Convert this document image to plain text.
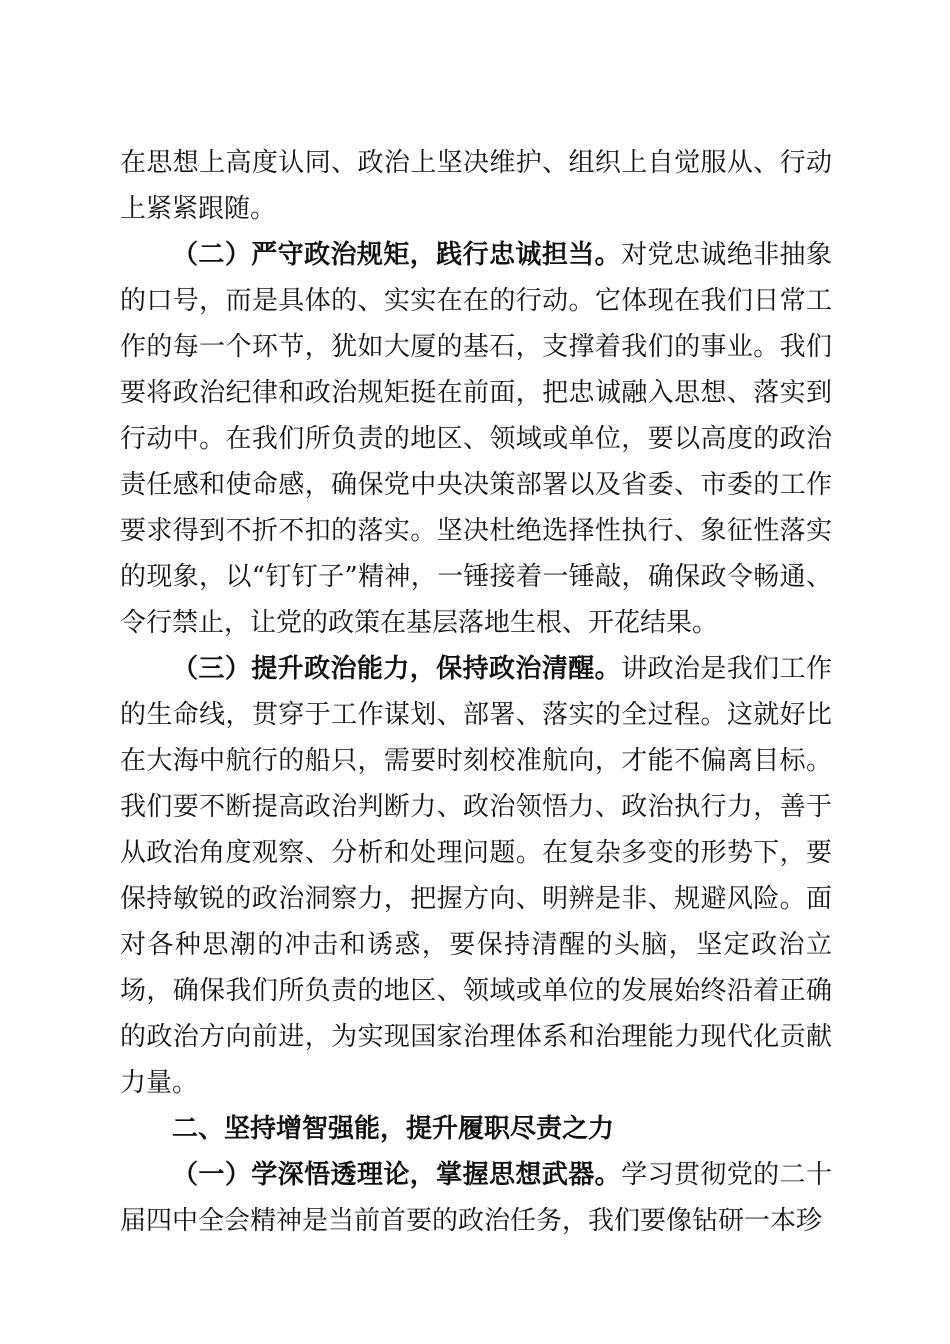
在思想上高度认同、政治上坚决维护、组织上自觉服从、行动上紧紧跟随。

（二）严守政治规矩，践行忠诚担当。对党忠诚绝非抽象的口号，而是具体的、实实在在的行动。它体现在我们日常工作的每一个环节，犹如大厦的基石，支撑着我们的事业。我们要将政治纪律和政治规矩挺在前面，把忠诚融入思想、落实到行动中。在我们所负责的地区、领域或单位，要以高度的政治责任感和使命感，确保党中央决策部署以及省委、市委的工作要求得到不折不扣的落实。坚决杜绝选择性执行、象征性落实的现象，以“钉钉子”精神，一锤接着一锤敲，确保政令畅通、令行禁止，让党的政策在基层落地生根、开花结果。

（三）提升政治能力，保持政治清醒。讲政治是我们工作的生命线，贯穿于工作谋划、部署、落实的全过程。这就好比在大海中航行的船只，需要时刻校准航向，才能不偏离目标。我们要不断提高政治判断力、政治领悟力、政治执行力，善于从政治角度观察、分析和处理问题。在复杂多变的形势下，要保持敏锐的政治洞察力，把握方向、明辨是非、规避风险。面对各种思潮的冲击和诱惑，要保持清醒的头脑，坚定政治立场，确保我们所负责的地区、领域或单位的发展始终沿着正确的政治方向前进，为实现国家治理体系和治理能力现代化贡献力量。

二、坚持增智强能，提升履职尽责之力

（一）学深悟透理论，掌握思想武器。学习贯彻党的二十届四中全会精神是当前首要的政治任务，我们要像钻研一本珍
